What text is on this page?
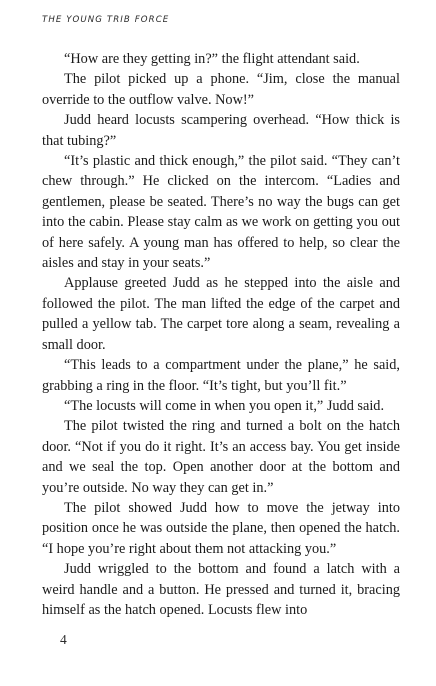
THE YOUNG TRIB FORCE

“How are they getting in?” the flight attendant said.

The pilot picked up a phone. “Jim, close the manual override to the outflow valve. Now!”

Judd heard locusts scampering overhead. “How thick is that tubing?”

“It’s plastic and thick enough,” the pilot said. “They can’t chew through.” He clicked on the intercom. “Ladies and gentlemen, please be seated. There’s no way the bugs can get into the cabin. Please stay calm as we work on getting you out of here safely. A young man has offered to help, so clear the aisles and stay in your seats.”

Applause greeted Judd as he stepped into the aisle and followed the pilot. The man lifted the edge of the carpet and pulled a yellow tab. The carpet tore along a seam, revealing a small door.

“This leads to a compartment under the plane,” he said, grabbing a ring in the floor. “It’s tight, but you’ll fit.”

“The locusts will come in when you open it,” Judd said.

The pilot twisted the ring and turned a bolt on the hatch door. “Not if you do it right. It’s an access bay. You get inside and we seal the top. Open another door at the bottom and you’re outside. No way they can get in.”

The pilot showed Judd how to move the jetway into position once he was outside the plane, then opened the hatch. “I hope you’re right about them not attacking you.”

Judd wriggled to the bottom and found a latch with a weird handle and a button. He pressed and turned it, bracing himself as the hatch opened. Locusts flew into

4
